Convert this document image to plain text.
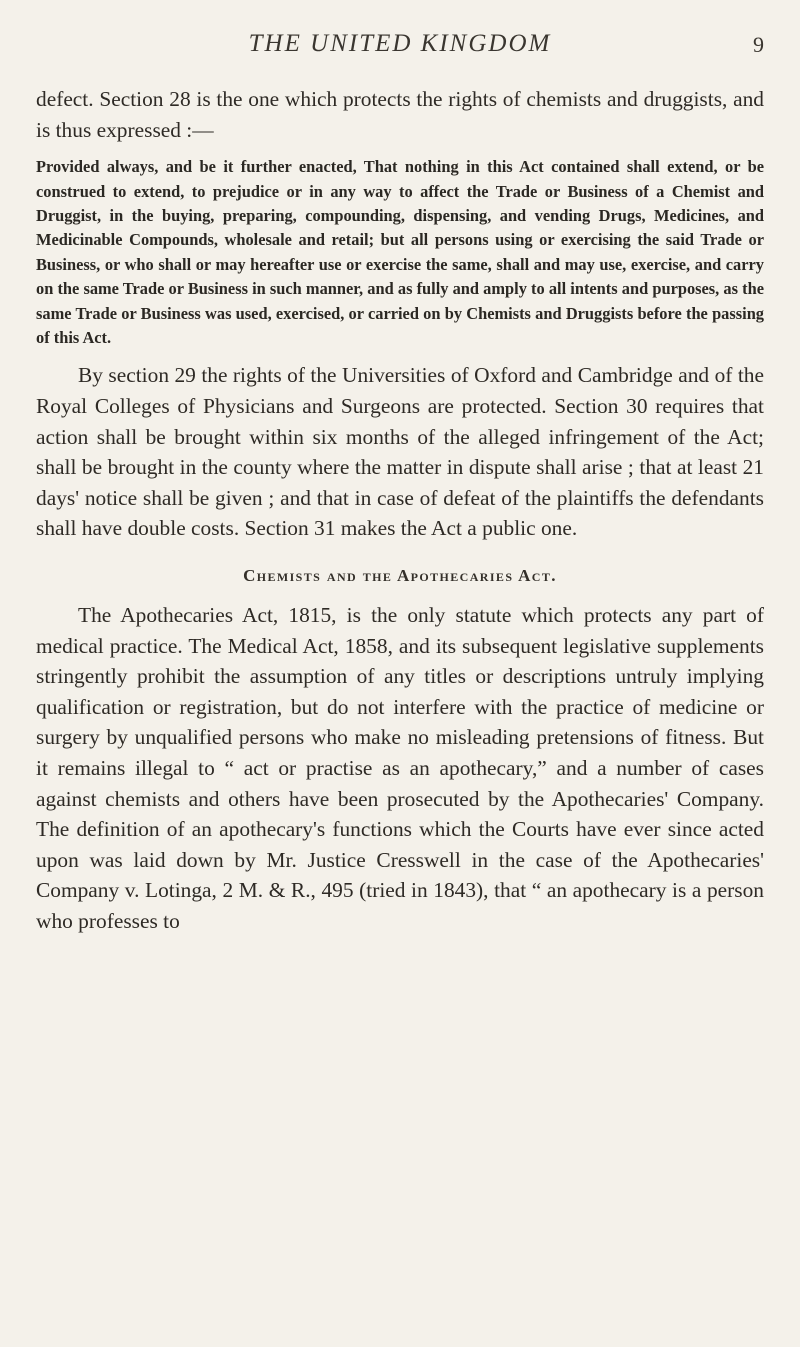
THE UNITED KINGDOM	9

defect. Section 28 is the one which protects the rights of chemists and druggists, and is thus expressed :—

Provided always, and be it further enacted, That nothing in this Act contained shall extend, or be construed to extend, to prejudice or in any way to affect the Trade or Business of a Chemist and Druggist, in the buying, preparing, compounding, dispensing, and vending Drugs, Medicines, and Medicinable Compounds, wholesale and retail; but all persons using or exercising the said Trade or Business, or who shall or may hereafter use or exercise the same, shall and may use, exercise, and carry on the same Trade or Business in such manner, and as fully and amply to all intents and purposes, as the same Trade or Business was used, exercised, or carried on by Chemists and Druggists before the passing of this Act.

By section 29 the rights of the Universities of Oxford and Cambridge and of the Royal Colleges of Physicians and Surgeons are protected. Section 30 requires that action shall be brought within six months of the alleged infringement of the Act; shall be brought in the county where the matter in dispute shall arise ; that at least 21 days' notice shall be given ; and that in case of defeat of the plaintiffs the defendants shall have double costs. Section 31 makes the Act a public one.

Chemists and the Apothecaries Act.

The Apothecaries Act, 1815, is the only statute which protects any part of medical practice. The Medical Act, 1858, and its subsequent legislative supplements stringently prohibit the assumption of any titles or descriptions untruly implying qualification or registration, but do not interfere with the practice of medicine or surgery by unqualified persons who make no misleading pretensions of fitness. But it remains illegal to “ act or practise as an apothecary,” and a number of cases against chemists and others have been prosecuted by the Apothecaries' Company. The definition of an apothecary's functions which the Courts have ever since acted upon was laid down by Mr. Justice Cresswell in the case of the Apothecaries' Company v. Lotinga, 2 M. & R., 495 (tried in 1843), that “ an apothecary is a person who professes to
